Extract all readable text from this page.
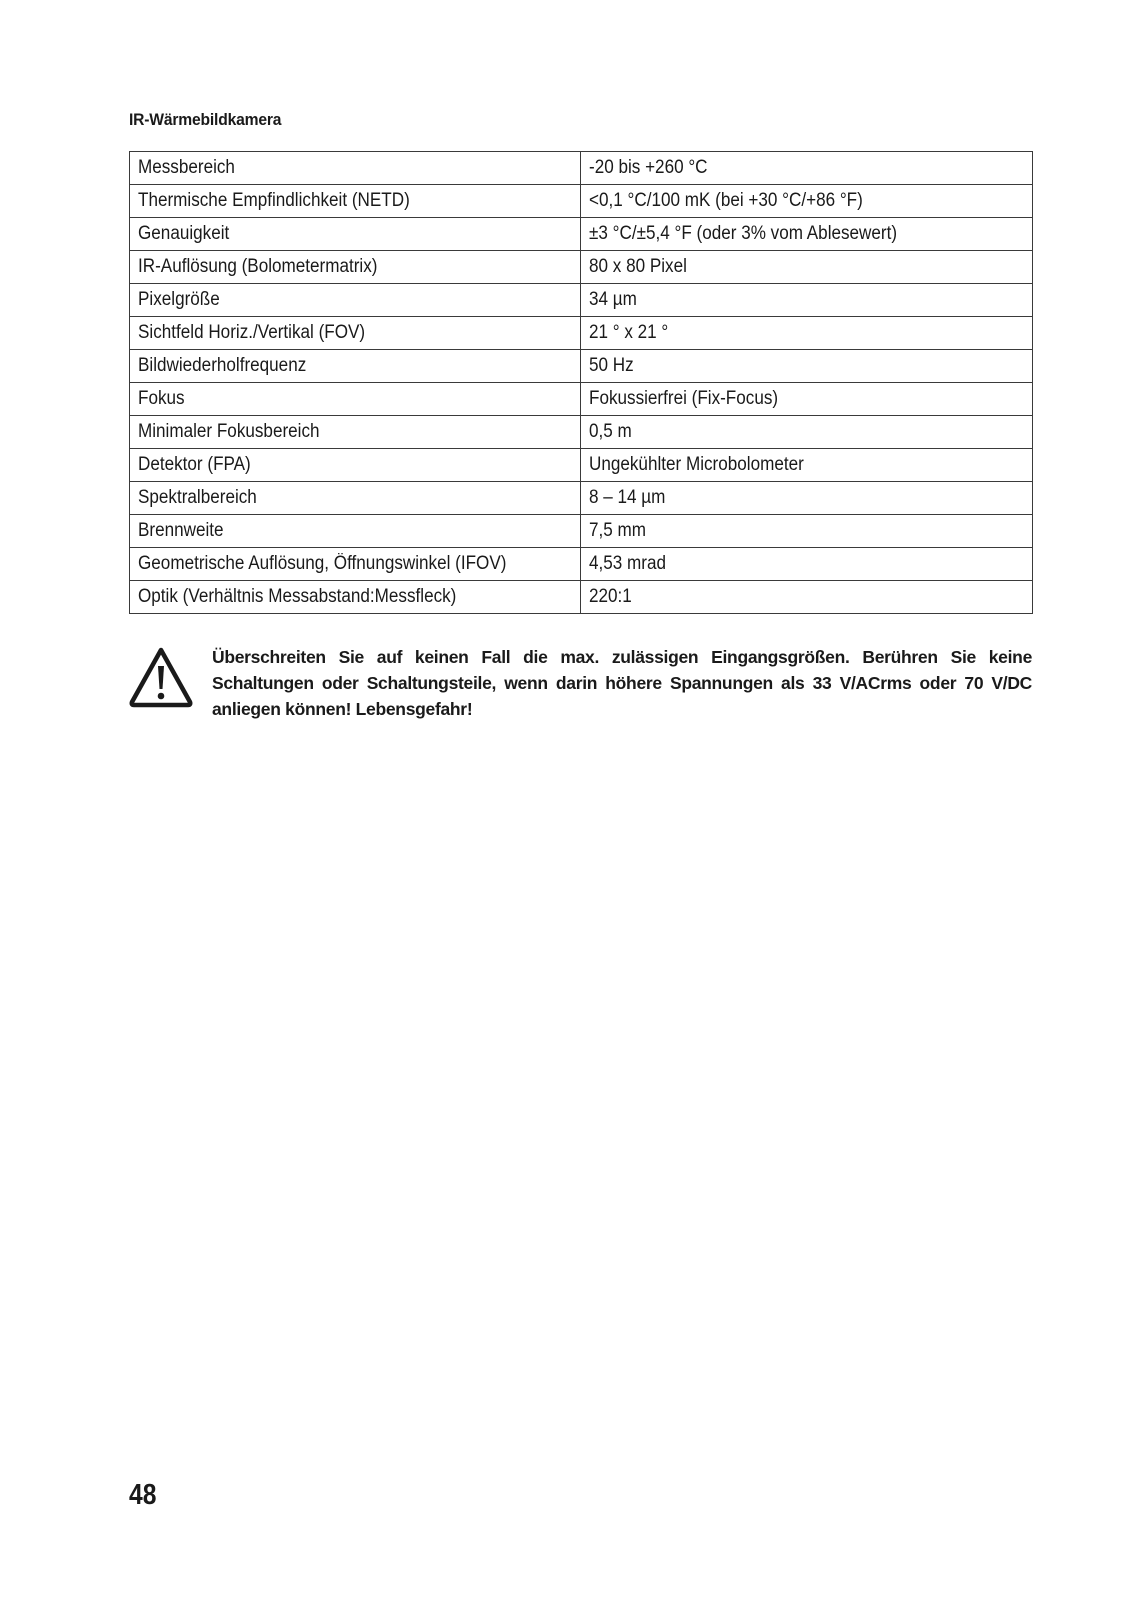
IR-Wärmebildkamera
Messbereich	-20 bis +260 °C
Thermische Empfindlichkeit (NETD)	<0,1 °C/100 mK (bei +30 °C/+86 °F)
Genauigkeit	±3 °C/±5,4 °F (oder 3% vom Ablesewert)
IR-Auflösung (Bolometermatrix)	80 x 80 Pixel
Pixelgröße	34 µm
Sichtfeld Horiz./Vertikal (FOV)	21 ° x 21 °
Bildwiederholfrequenz	50 Hz
Fokus	Fokussierfrei (Fix-Focus)
Minimaler Fokusbereich	0,5 m
Detektor (FPA)	Ungekühlter Microbolometer
Spektralbereich	8 – 14 µm
Brennweite	7,5 mm
Geometrische Auflösung, Öffnungswinkel (IFOV)	4,53 mrad
Optik (Verhältnis Messabstand:Messfleck)	220:1
Überschreiten Sie auf keinen Fall die max. zulässigen Eingangsgrößen. Berühren Sie keine Schaltungen oder Schaltungsteile, wenn darin höhere Spannungen als 33 V/ACrms oder 70 V/DC anliegen können! Lebensgefahr!
48
